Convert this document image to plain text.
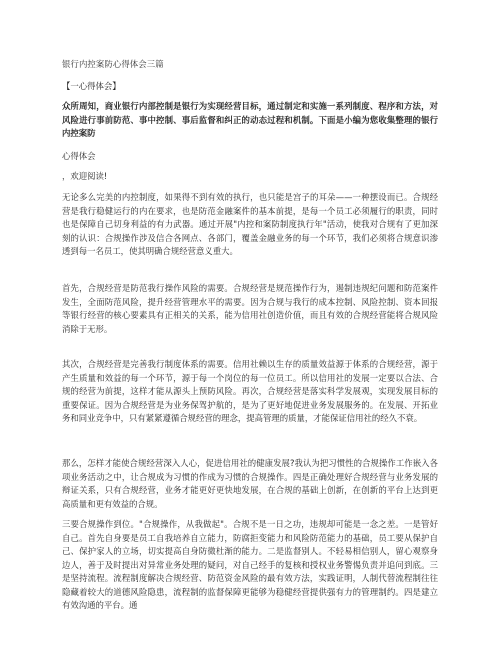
银行内控案防心得体会三篇
【一心得体会】

众所周知，商业银行内部控制是银行为实现经营目标，通过制定和实施一系列制度、程序和方法，对风险进行事前防范、事中控制、事后监督和纠正的动态过程和机制。下面是小编为您收集整理的银行内控案防

心得体会
，欢迎阅读!

无论多么完美的内控制度，如果得不到有效的执行，也只能是宫子的耳朵——一种摆设而已。合规经营是我行稳健运行的内在要求，也是防范金融案件的基本前提，是每一个员工必须履行的职责，同时也是保障自己切身利益的有力武器。通过开展"内控和案防制度执行年"活动，使我对合规有了更加深刻的认识：合规操作涉及信合各网点、各部门，覆盖金融业务的每一个环节，我们必须将合规意识渗透到每一名员工，使其明确合规经营意义重大。

首先，合规经营是防范我行操作风险的需要。合规经营是规范操作行为，遏制违规纪问题和防范案件发生，全面防范风险，提升经营管理水平的需要。因为合规与我行的成本控制、风险控制、资本回报等银行经营的核心要素具有正相关的关系，能为信用社创造价值，而且有效的合规经营能将合规风险消除于无形。

其次，合规经营是完善我行制度体系的需要。信用社赖以生存的质量效益源于体系的合规经营，源于产生质量和效益的每一个环节，源于每一个岗位的每一位员工。所以信用社的发展一定要以合法、合规的经营为前提，这样才能从源头上预防风险。再次，合规经营是落实科学发展观，实现发展目标的重要保证。因为合规经营是为业务保驾护航的，是为了更好地促进业务发展服务的。在发展、开拓业务和同业竞争中，只有紧紧遵循合规经营的理念，提高管理的质量，才能保证信用社的经久不衰。

那么，怎样才能使合规经营深入人心，促进信用社的健康发展?我认为把习惯性的合规操作工作嵌入各项业务活动之中，让合规成为习惯的作成为习惯的合规操作。四是正确处理好合规经营与业务发展的辩证关系，只有合规经营，业务才能更好更快地发展，在合规的基础上创新，在创新的平台上达到更高质量和更有效益的合规。

三要合规操作到位。"合规操作，从我做起"。合规不是一日之功，违规却可能是一念之差。一是管好自己。首先自身要是员工自我培养自立能力，防腐拒变能力和风险防范能力的基础，员工要从保护自己、保护家人的立场，切实提高自身防微杜渐的能力。二是监督别人。不轻易相信别人，留心观察身边人，善于及时提出对异常业务处理的疑问，对自己经手的复核和授权业务警惕负责并追问到底。三是坚持流程。流程制度解决合规经营、防范资金风险的最有效方法，实践证明，人制代替流程制往往隐藏着较大的道德风险隐患，流程制的监督保障更能够为稳健经营提供强有力的管理制约。四是建立有效沟通的平台。通
